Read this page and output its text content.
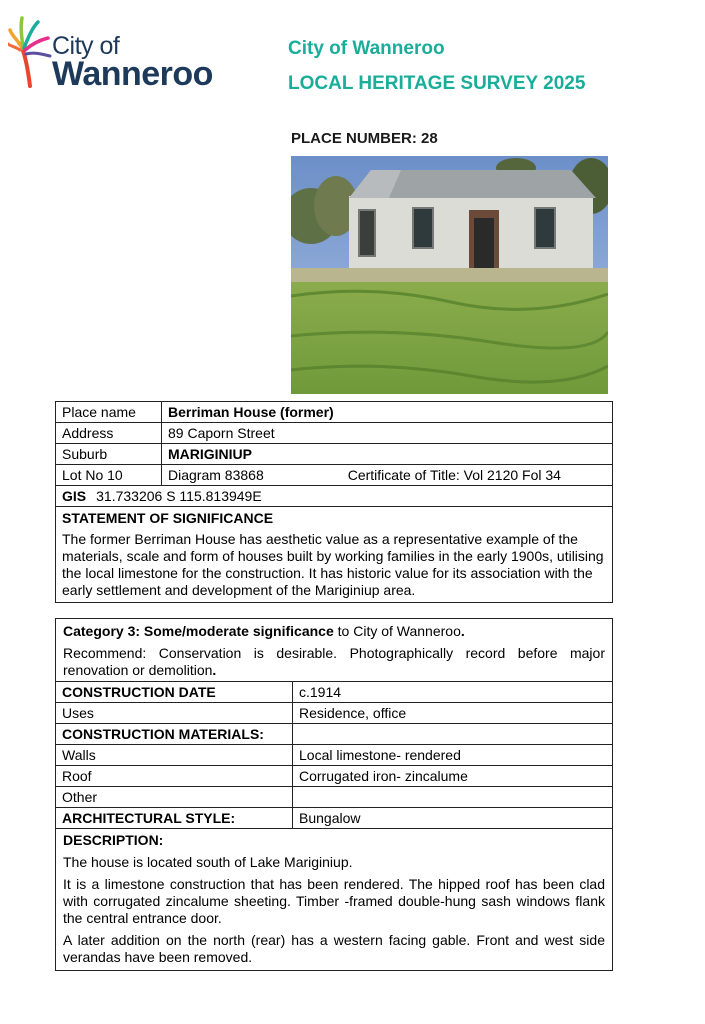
City of
Wanneroo
City of Wanneroo
LOCAL HERITAGE SURVEY 2025
PLACE NUMBER: 28
Place name	Berriman House (former)
Address	89 Caporn Street
Suburb	MARIGINIUP
Lot No 10	Diagram 83868	Certificate of Title: Vol 2120 Fol 34
GIS 31.733206 S 115.813949E
STATEMENT OF SIGNIFICANCE
The former Berriman House has aesthetic value as a representative example of the materials, scale and form of houses built by working families in the early 1900s, utilising the local limestone for the construction. It has historic value for its association with the early settlement and development of the Mariginiup area.

Category 3: Some/moderate significance to City of Wanneroo.

Recommend: Conservation is desirable. Photographically record before major renovation or demolition.

CONSTRUCTION DATE	c.1914
Uses	Residence, office
CONSTRUCTION MATERIALS:
Walls	Local limestone- rendered
Roof	Corrugated iron- zincalume
Other
ARCHITECTURAL STYLE:	Bungalow

DESCRIPTION:

The house is located south of Lake Mariginiup.

It is a limestone construction that has been rendered. The hipped roof has been clad with corrugated zincalume sheeting. Timber -framed double-hung sash windows flank the central entrance door.

A later addition on the north (rear) has a western facing gable. Front and west side verandas have been removed.
